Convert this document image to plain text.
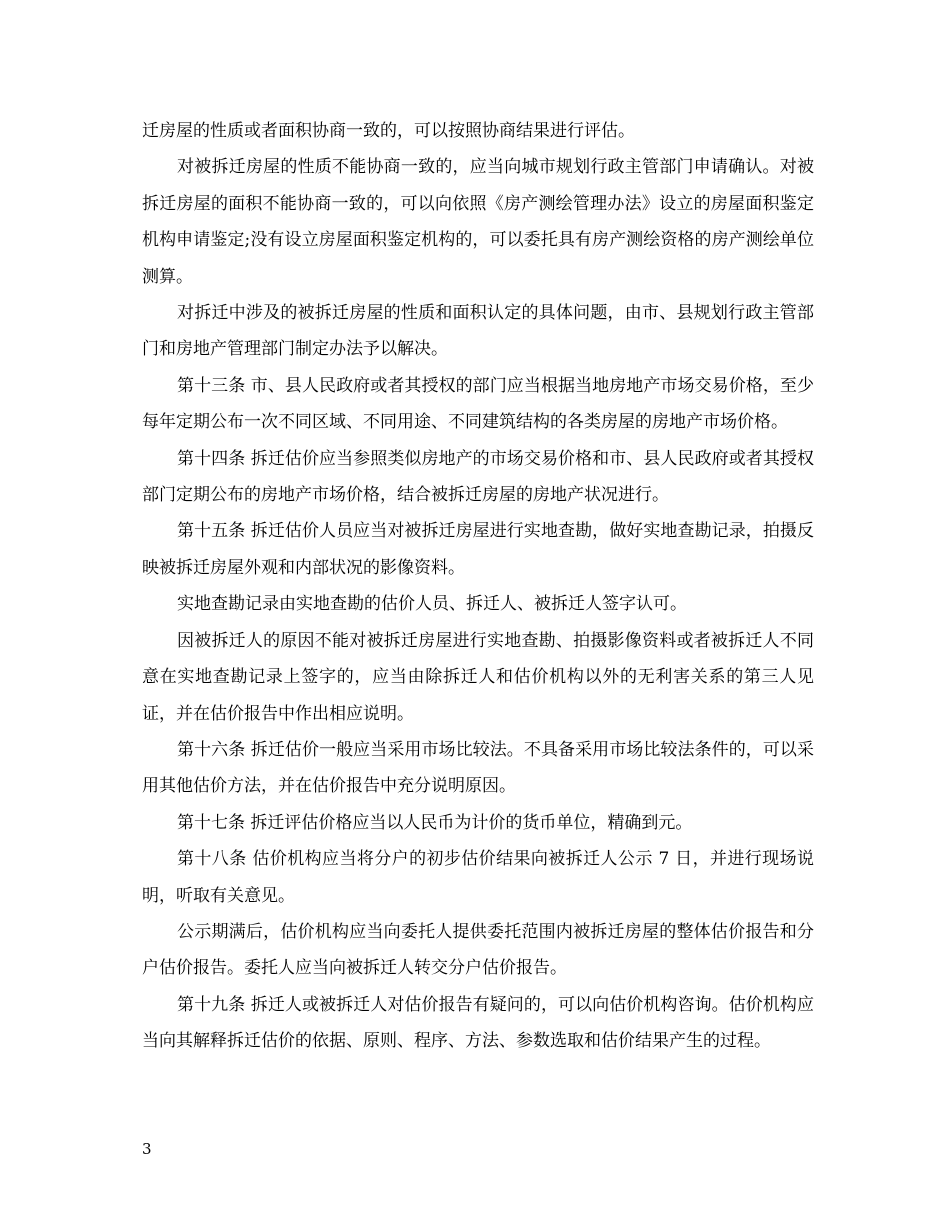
迁房屋的性质或者面积协商一致的，可以按照协商结果进行评估。

对被拆迁房屋的性质不能协商一致的，应当向城市规划行政主管部门申请确认。对被拆迁房屋的面积不能协商一致的，可以向依照《房产测绘管理办法》设立的房屋面积鉴定机构申请鉴定;没有设立房屋面积鉴定机构的，可以委托具有房产测绘资格的房产测绘单位测算。

对拆迁中涉及的被拆迁房屋的性质和面积认定的具体问题，由市、县规划行政主管部门和房地产管理部门制定办法予以解决。

第十三条 市、县人民政府或者其授权的部门应当根据当地房地产市场交易价格，至少每年定期公布一次不同区域、不同用途、不同建筑结构的各类房屋的房地产市场价格。

第十四条 拆迁估价应当参照类似房地产的市场交易价格和市、县人民政府或者其授权部门定期公布的房地产市场价格，结合被拆迁房屋的房地产状况进行。

第十五条 拆迁估价人员应当对被拆迁房屋进行实地查勘，做好实地查勘记录，拍摄反映被拆迁房屋外观和内部状况的影像资料。

实地查勘记录由实地查勘的估价人员、拆迁人、被拆迁人签字认可。

因被拆迁人的原因不能对被拆迁房屋进行实地查勘、拍摄影像资料或者被拆迁人不同意在实地查勘记录上签字的，应当由除拆迁人和估价机构以外的无利害关系的第三人见证，并在估价报告中作出相应说明。

第十六条 拆迁估价一般应当采用市场比较法。不具备采用市场比较法条件的，可以采用其他估价方法，并在估价报告中充分说明原因。

第十七条 拆迁评估价格应当以人民币为计价的货币单位，精确到元。

第十八条 估价机构应当将分户的初步估价结果向被拆迁人公示 7 日，并进行现场说明，听取有关意见。

公示期满后，估价机构应当向委托人提供委托范围内被拆迁房屋的整体估价报告和分户估价报告。委托人应当向被拆迁人转交分户估价报告。

第十九条 拆迁人或被拆迁人对估价报告有疑问的，可以向估价机构咨询。估价机构应当向其解释拆迁估价的依据、原则、程序、方法、参数选取和估价结果产生的过程。

3
